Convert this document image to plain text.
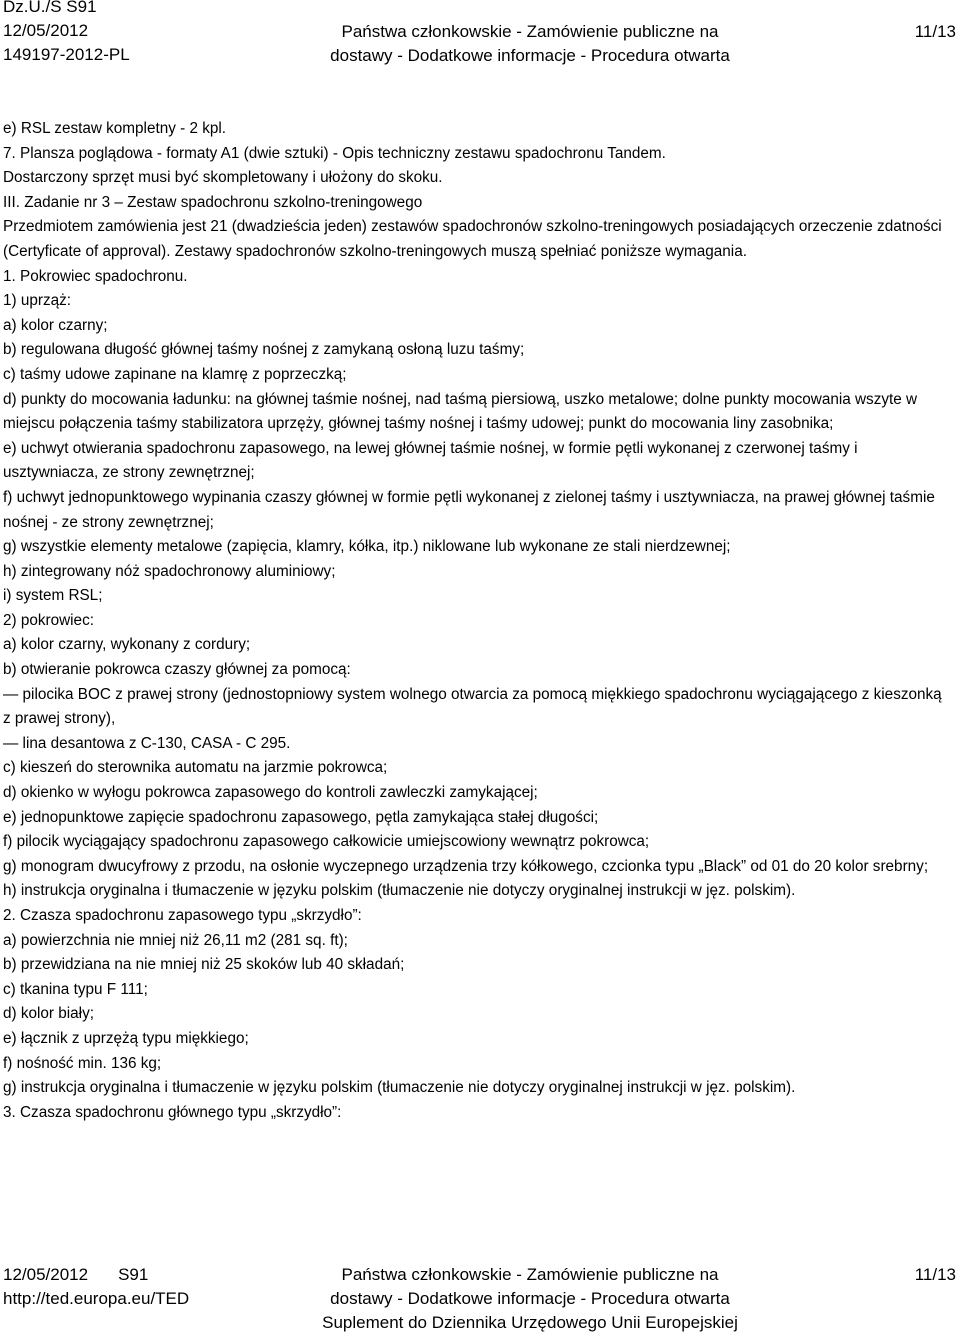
Dz.U./S S91
12/05/2012
149197-2012-PL
Państwa członkowskie - Zamówienie publiczne na
dostawy - Dodatkowe informacje - Procedura otwarta
11/13
e) RSL zestaw kompletny - 2 kpl.
7. Plansza poglądowa - formaty A1 (dwie sztuki) - Opis techniczny zestawu spadochronu Tandem.
Dostarczony sprzęt musi być skompletowany i ułożony do skoku.
III. Zadanie nr 3 – Zestaw spadochronu szkolno-treningowego
Przedmiotem zamówienia jest 21 (dwadzieścia jeden) zestawów spadochronów szkolno-treningowych posiadających orzeczenie zdatności (Certyficate of approval). Zestawy spadochronów szkolno-treningowych muszą spełniać poniższe wymagania.
1. Pokrowiec spadochronu.
1) uprząż:
a) kolor czarny;
b) regulowana długość głównej taśmy nośnej z zamykaną osłoną luzu taśmy;
c) taśmy udowe zapinane na klamrę z poprzeczką;
d) punkty do mocowania ładunku: na głównej taśmie nośnej, nad taśmą piersiową, uszko metalowe; dolne punkty mocowania wszyte w miejscu połączenia taśmy stabilizatora uprzęży, głównej taśmy nośnej i taśmy udowej; punkt do mocowania liny zasobnika;
e) uchwyt otwierania spadochronu zapasowego, na lewej głównej taśmie nośnej, w formie pętli wykonanej z czerwonej taśmy i usztywniacza, ze strony zewnętrznej;
f) uchwyt jednopunktowego wypinania czaszy głównej w formie pętli wykonanej z zielonej taśmy i usztywniacza, na prawej głównej taśmie nośnej - ze strony zewnętrznej;
g) wszystkie elementy metalowe (zapięcia, klamry, kółka, itp.) niklowane lub wykonane ze stali nierdzewnej;
h) zintegrowany nóż spadochronowy aluminiowy;
i) system RSL;
2) pokrowiec:
a) kolor czarny, wykonany z cordury;
b) otwieranie pokrowca czaszy głównej za pomocą:
— pilocika BOC z prawej strony (jednostopniowy system wolnego otwarcia za pomocą miękkiego spadochronu wyciągającego z kieszonką z prawej strony),
— lina desantowa z C-130, CASA - C 295.
c) kieszeń do sterownika automatu na jarzmie pokrowca;
d) okienko w wyłogu pokrowca zapasowego do kontroli zawleczki zamykającej;
e) jednopunktowe zapięcie spadochronu zapasowego, pętla zamykająca stałej długości;
f) pilocik wyciągający spadochronu zapasowego całkowicie umiejscowiony wewnątrz pokrowca;
g) monogram dwucyfrowy z przodu, na osłonie wyczepnego urządzenia trzy kółkowego, czcionka typu „Black” od 01 do 20 kolor srebrny;
h) instrukcja oryginalna i tłumaczenie w języku polskim (tłumaczenie nie dotyczy oryginalnej instrukcji w jęz. polskim).
2. Czasza spadochronu zapasowego typu „skrzydło”:
a) powierzchnia nie mniej niż 26,11 m2 (281 sq. ft);
b) przewidziana na nie mniej niż 25 skoków lub 40 składań;
c) tkanina typu F 111;
d) kolor biały;
e) łącznik z uprzężą typu miękkiego;
f) nośność min. 136 kg;
g) instrukcja oryginalna i tłumaczenie w języku polskim (tłumaczenie nie dotyczy oryginalnej instrukcji w jęz. polskim).
3. Czasza spadochronu głównego typu „skrzydło”:
12/05/2012 S91
http://ted.europa.eu/TED
Państwa członkowskie - Zamówienie publiczne na
dostawy - Dodatkowe informacje - Procedura otwarta
Suplement do Dziennika Urzędowego Unii Europejskiej
11/13
